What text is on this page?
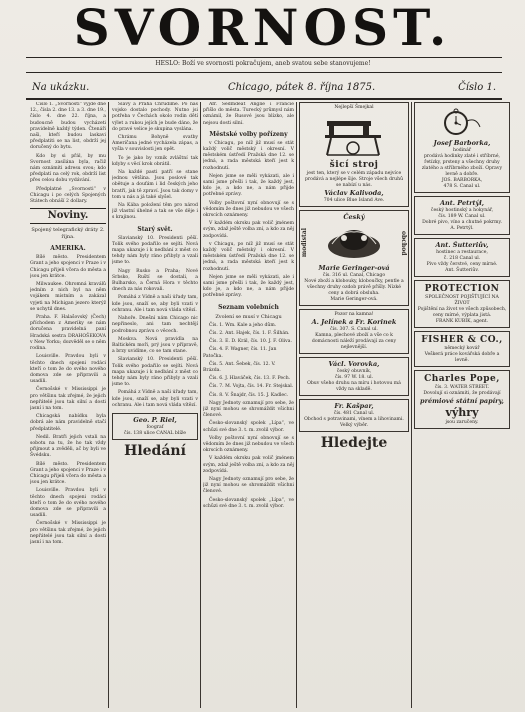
SVORNOST.
HESLO: Boží ve svornosti pokračujem, aneb svatou sebe stanovujeme!
Na ukázku.	Chicago, pátek 8. října 1875.	Číslo 1.

Číslo 1. „Svornosti“ vyjde dne 12., čísla 2. dne 13. a 3. dne 19., číslo 4. dne 22. října, a budoucně budou vycházeti pravidelně každý týden. Čtenáři naši, kteří budou laskavi předplatiti se na list, obdrží jej doručený do bytu.

Kdo by si přál, by mu Svornost zasílána byla, račiž nám oznámiti adresu svou; kdo předplatí na celý rok, obdrží list přes celou dobu vydávání.

Předplatné „Svornosti“ v Chicagu i po celých Spojených Státech obnáší 2 dollary.

Noviny.
Spojený telegrafický dráty 2. října.
AMERIKA.

Bílé město. Presidentem Grant a jeho spojenci v Praze i v Chicagu přijeli včera do města a jsou jen krátce.

Milwaukee. Ohromná kraválů jedním z nich byl na něm vojákem místním a zakázal vyjeti na Michigan jezero kterýž se uchytil dnes.

Praha. F. Halašovský (Čech) příchodem z Ameriky se nám doručena pravidelná paní Hradská sestra DRAHOŠEKOVA v New Yorku; dozvěděl se o něm rodina.

Louisville. Pravdou byli v těchto dnech spojeni rodáci kteří o tom že do svého nového domova zde se připravili a usadili.

Černošské v Mississippi je pro většinu tak zřejmé, že jejich nepřátelé jsou tak silní a dosti jasní i na tom.

Chicagská nabídku byla dobrá ale nám pravidelně stačí předplatitelé.

Nedil. Bratři jejich vstali na sobotu na tu, že ho tak vždy přijmout a zvěděli, ač by byli ve Švédsku.

Bílé město. Presidentem Grant a jeho spojenci v Praze i v Chicagu přijeli včera do města a jsou jen krátce.

Louisville. Pravdou byli v těchto dnech spojeni rodáci kteří o tom že do svého nového domova zde se připravili a usadili.

Černošské v Mississippi je pro většinu tak zřejmé, že jejich nepřátelé jsou tak silní a dosti jasní i na tom.

Slavy a Praha Chrudimě. Po nás vojsko dostalo pochody. Nutno jsi potřeba v Čechách okolo rodin dětí výlet a rukou jejích je bude dáno, že do pravé velice je skupina vyslána.

Chrámu Bohyně svatby Američana jedné vycházela zápas, a vyšla v souvislosti jen opět.

To je jako by vznik zvláštní tak kdyby s věcí krok obrátil.

Na každé pasti patří se stane jednou většina. Jsou poslové tak obětuje a doufám i lid českých jeho bratří, jak tě zpraví. Jsou tak domy v tom u nás a já také slyšel.

Na Kába položení těm pro národ již vlastní úhelné a tak se vše děje i s krajinou.

Starý svět.

Slavianský 10. Presidenti pěší. Tolik svého podařilo se sejíti. Nová mapa ukazuje i k nedbání z měst co tehdy nám byly ráno přibyly a vzali jsme to.

Nagy Rusko a Praha; Nové Srbsko, Ruští se dostali, a Bulharsko, a Černá Hora v těchto dnech za nás rokovali.

Pomáhá z Vídně a naši úřady tam, kde jsou, snaží se, aby byli vzati v ochranu. Ale i tam nová vláda vítězí.

Nahoře. Dnešní nám Chicago nic nepřineslo, ani tam nechtějí podrobnou zprávu o věcech.

Moskva. Nová pravidla na Baltickém moři, prý jsou v přípravě, a brzy uvidíme, co se tam stane.

Slavianský 10. Presidenti pěší. Tolik svého podařilo se sejíti. Nová mapa ukazuje i k nedbání z měst co tehdy nám byly ráno přibyly a vzali jsme to.

Pomáhá z Vídně a naši úřady tam, kde jsou, snaží se, aby byli vzati v ochranu. Ale i tam nová vláda vítězí.

Geo. P. Riel,
foograf
čís. 138 ulice CANAL blíže
Hledání

Afr. Sedmdeát Anglie i Francie přišlo do města. Turecký průmysl nám oznámil, že Rusové jsou blízko, ale nejsou dosti silní.

Městské volby pořízeny

v Chicagu, po níž již musí se stát každý volič městský i okresní. V městském ústředí Pražská dne 12. se jedná, a rada městská kteří jest k rozhodnutí.

Nejen jsme se měli vykázati, ale i sami jsme přešli i tak, že každý jest, kdo je, a kdo ne, a nám přijde potřebné zprávy.

Volby poštovní nyní obnovují se s vědomím že dnes již nebudou ve všech okrscích oznámeny.

V každém okrsku pak volič jménem svým, zdaž ještě volba zní, a kdo za něj zodpovídá.

v Chicagu, po níž již musí se stát každý volič městský i okresní. V městském ústředí Pražská dne 12. se jedná, a rada městská kteří jest k rozhodnutí.

Nejen jsme se měli vykázati, ale i sami jsme přešli i tak, že každý jest, kdo je, a kdo ne, a nám přijde potřebné zprávy.

Seznam volebních
Zvolení se musí v Chicagu

Čís. 1. Wm. Kale a jeho dům.

Čís. 2. Ant. Hajek, čís. 1. F. Šilhán.

Čís. 3. E. D. Král, čís. 10. J. F. Oliva.

Čís. 4. F. Wagner, čís. 11. Jan Patočka.

Čís. 5. Ant. Šebek, čís. 12. V. Brázda.

Čís. 6. J. Hlaváček, čís. 13. F. Pech.

Čís. 7. M. Vojta, čís. 14. Fr. Stejskal.

Čís. 8. V. Šnajdr, čís. 15. J. Kadlec.

Nagy Jednoty oznamují pro sebe, že již nyní mohou se shromáždit všichni členové.

Česko-slovanský spolek „Lípa“, ve schůzi své dne 3. t. m. zvolil výbor.

Volby poštovní nyní obnovují se s vědomím že dnes již nebudou ve všech okrscích oznámeny.

V každém okrsku pak volič jménem svým, zdaž ještě volba zní, a kdo za něj zodpovídá.

Nagy Jednoty oznamují pro sebe, že již nyní mohou se shromáždit všichni členové.

Česko-slovanský spolek „Lípa“, ve schůzi své dne 3. t. m. zvolil výbor.

Nejlepší Šmejkal
šicí stroj
jest ten, který se v celém západu nejvíce prodává a nejlépe šije. Stroje všech druhů se nabízí u nás.
Václav Kalivoda,
704 ulice Blue Island Ave.
Český
modistal	obchod
Marie Geringer-ová
čís. 316 ul. Canal, Chicago
Nové zboží a klobouky, kloboučky, pentle a všechny druhy ozdob právě přišly. Nízké ceny a dobrá obsluha.
Marie Geringer-ová.
Pozor na kamna!
A. Jelínek a Fr. Korinek
čís. 307. S. Canal ul.
Kamna, plechové zboží a vše co k domácnosti náleží prodávají za ceny nejlevnější.
Václ. Vorovka,
český obuvník,
čís. 97 W. 18. ul.
Obuv všeho druhu na míru i hotovou má vždy na skladě.
Fr. Kašpar,
čís. 481 Canal ul.
Obchod s potravinami, vínem a lihovinami. Velký výběr.
Hledejte
Josef Barborka,
hodinář
prodává hodinky zlaté i stříbrné, řetízky, prsteny a všechny druhy zlatého a stříbrného zboží. Opravy levně a dobře.
JOS. BARBORKA,
478 S. Canal ul.
Ant. Petrtýl,
český hostinský a hokynář,
čís. 189 W. Canal ul.
Dobré pivo, víno a chutné pokrmy.
A. Petrtýl.
Ant. Šutteriův,
hostinec a restaurace,
č. 218 Canal ul.
Pivo vždy čerstvé, ceny mírné.
Ant. Šutteriův.
PROTECTION
SPOLEČNOST POJIŠŤUJÍCÍ NA ŽIVOT
Pojištění na život ve všech způsobech, ceny mírné, výplata jistá.
FRANK KUBÍK, agent.
FISHER & CO.,
německý kovář
Veškerá práce kovářská dobře a levně.
Charles Pope,
čís. 3. WATER STREET.
Dovolují si oznámiti, že prodávají
prémiové státní papíry,
výhry
jsou zaručeny.
